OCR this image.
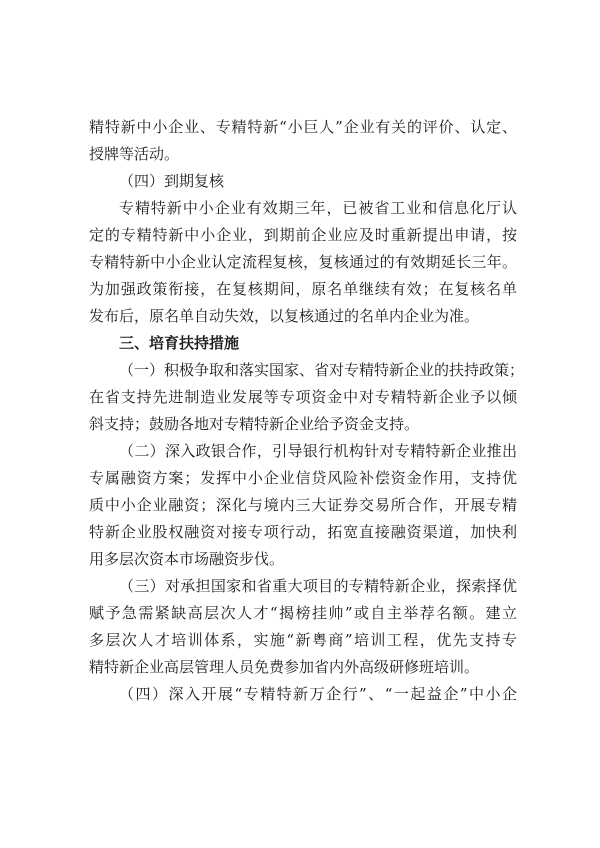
精特新中小企业、专精特新“小巨人”企业有关的评价、认定、
授牌等活动。
（四）到期复核
专精特新中小企业有效期三年，已被省工业和信息化厅认
定的专精特新中小企业，到期前企业应及时重新提出申请，按
专精特新中小企业认定流程复核，复核通过的有效期延长三年。
为加强政策衔接，在复核期间，原名单继续有效；在复核名单
发布后，原名单自动失效，以复核通过的名单内企业为准。
三、培育扶持措施
（一）积极争取和落实国家、省对专精特新企业的扶持政策；
在省支持先进制造业发展等专项资金中对专精特新企业予以倾
斜支持；鼓励各地对专精特新企业给予资金支持。
（二）深入政银合作，引导银行机构针对专精特新企业推出
专属融资方案；发挥中小企业信贷风险补偿资金作用，支持优
质中小企业融资；深化与境内三大证券交易所合作，开展专精
特新企业股权融资对接专项行动，拓宽直接融资渠道，加快利
用多层次资本市场融资步伐。
（三）对承担国家和省重大项目的专精特新企业，探索择优
赋予急需紧缺高层次人才“揭榜挂帅”或自主举荐名额。建立
多层次人才培训体系，实施“新粤商”培训工程，优先支持专
精特新企业高层管理人员免费参加省内外高级研修班培训。
（四）深入开展“专精特新万企行”、“一起益企”中小企
